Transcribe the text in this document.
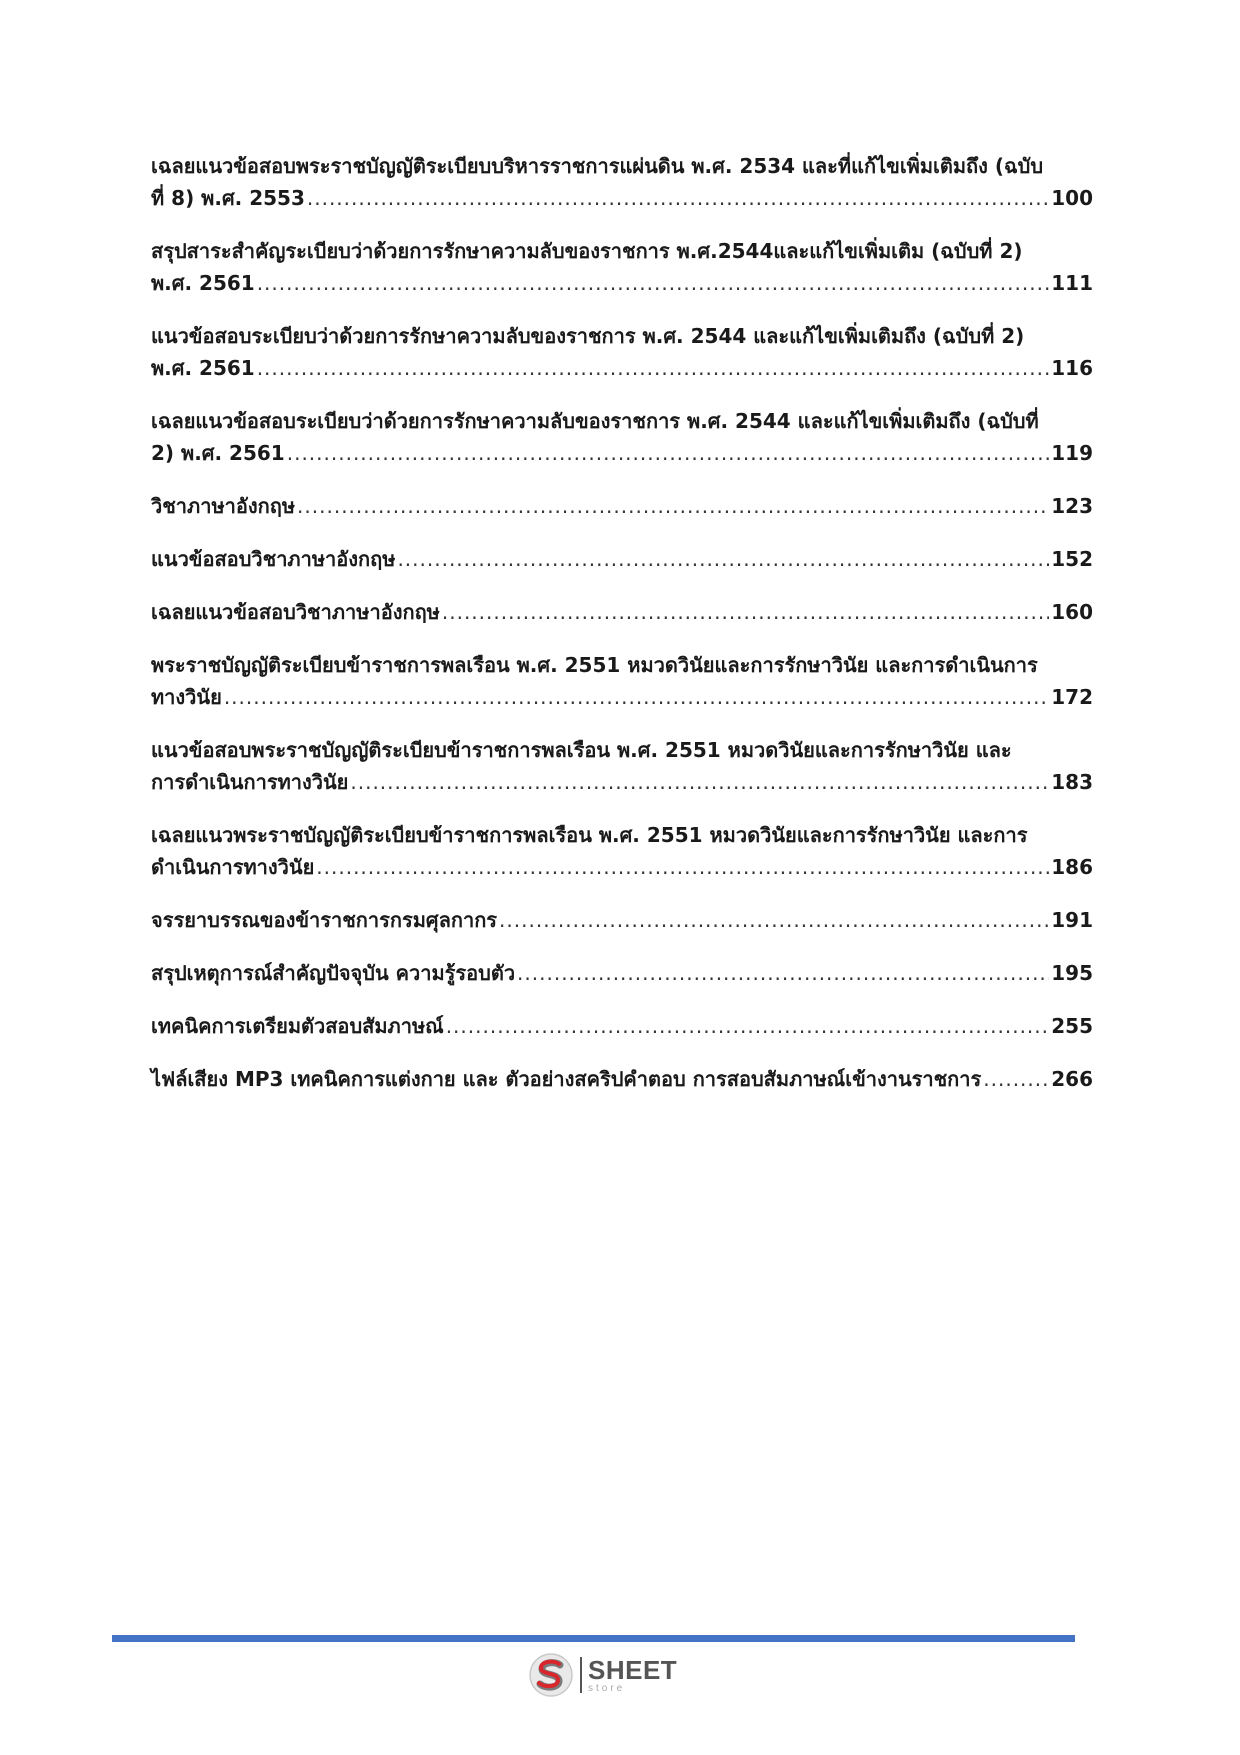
เฉลยแนวข้อสอบพระราชบัญญัติระเบียบบริหารราชการแผ่นดิน พ.ศ. 2534 และที่แก้ไขเพิ่มเติมถึง (ฉบับ
ที่ 8) พ.ศ. 2553 .....	100
สรุปสาระสำคัญระเบียบว่าด้วยการรักษาความลับของราชการ พ.ศ.2544และแก้ไขเพิ่มเติม (ฉบับที่ 2)
พ.ศ. 2561 .....	111
แนวข้อสอบระเบียบว่าด้วยการรักษาความลับของราชการ พ.ศ. 2544 และแก้ไขเพิ่มเติมถึง (ฉบับที่ 2)
พ.ศ. 2561 .....	116
เฉลยแนวข้อสอบระเบียบว่าด้วยการรักษาความลับของราชการ พ.ศ. 2544 และแก้ไขเพิ่มเติมถึง (ฉบับที่
2) พ.ศ. 2561 .....	119
วิชาภาษาอังกฤษ .....	123
แนวข้อสอบวิชาภาษาอังกฤษ .....	152
เฉลยแนวข้อสอบวิชาภาษาอังกฤษ .....	160
พระราชบัญญัติระเบียบข้าราชการพลเรือน พ.ศ. 2551 หมวดวินัยและการรักษาวินัย และการดำเนินการ
ทางวินัย .....	172
แนวข้อสอบพระราชบัญญัติระเบียบข้าราชการพลเรือน พ.ศ. 2551 หมวดวินัยและการรักษาวินัย และ
การดำเนินการทางวินัย .....	183
เฉลยแนวพระราชบัญญัติระเบียบข้าราชการพลเรือน พ.ศ. 2551 หมวดวินัยและการรักษาวินัย และการ
ดำเนินการทางวินัย .....	186
จรรยาบรรณของข้าราชการกรมศุลกากร .....	191
สรุปเหตุการณ์สำคัญปัจจุบัน ความรู้รอบตัว .....	195
เทคนิคการเตรียมตัวสอบสัมภาษณ์ .....	255
ไฟล์เสียง MP3 เทคนิคการแต่งกาย และ ตัวอย่างสคริปคำตอบ การสอบสัมภาษณ์เข้างานราชการ .....	266
SHEET
store
